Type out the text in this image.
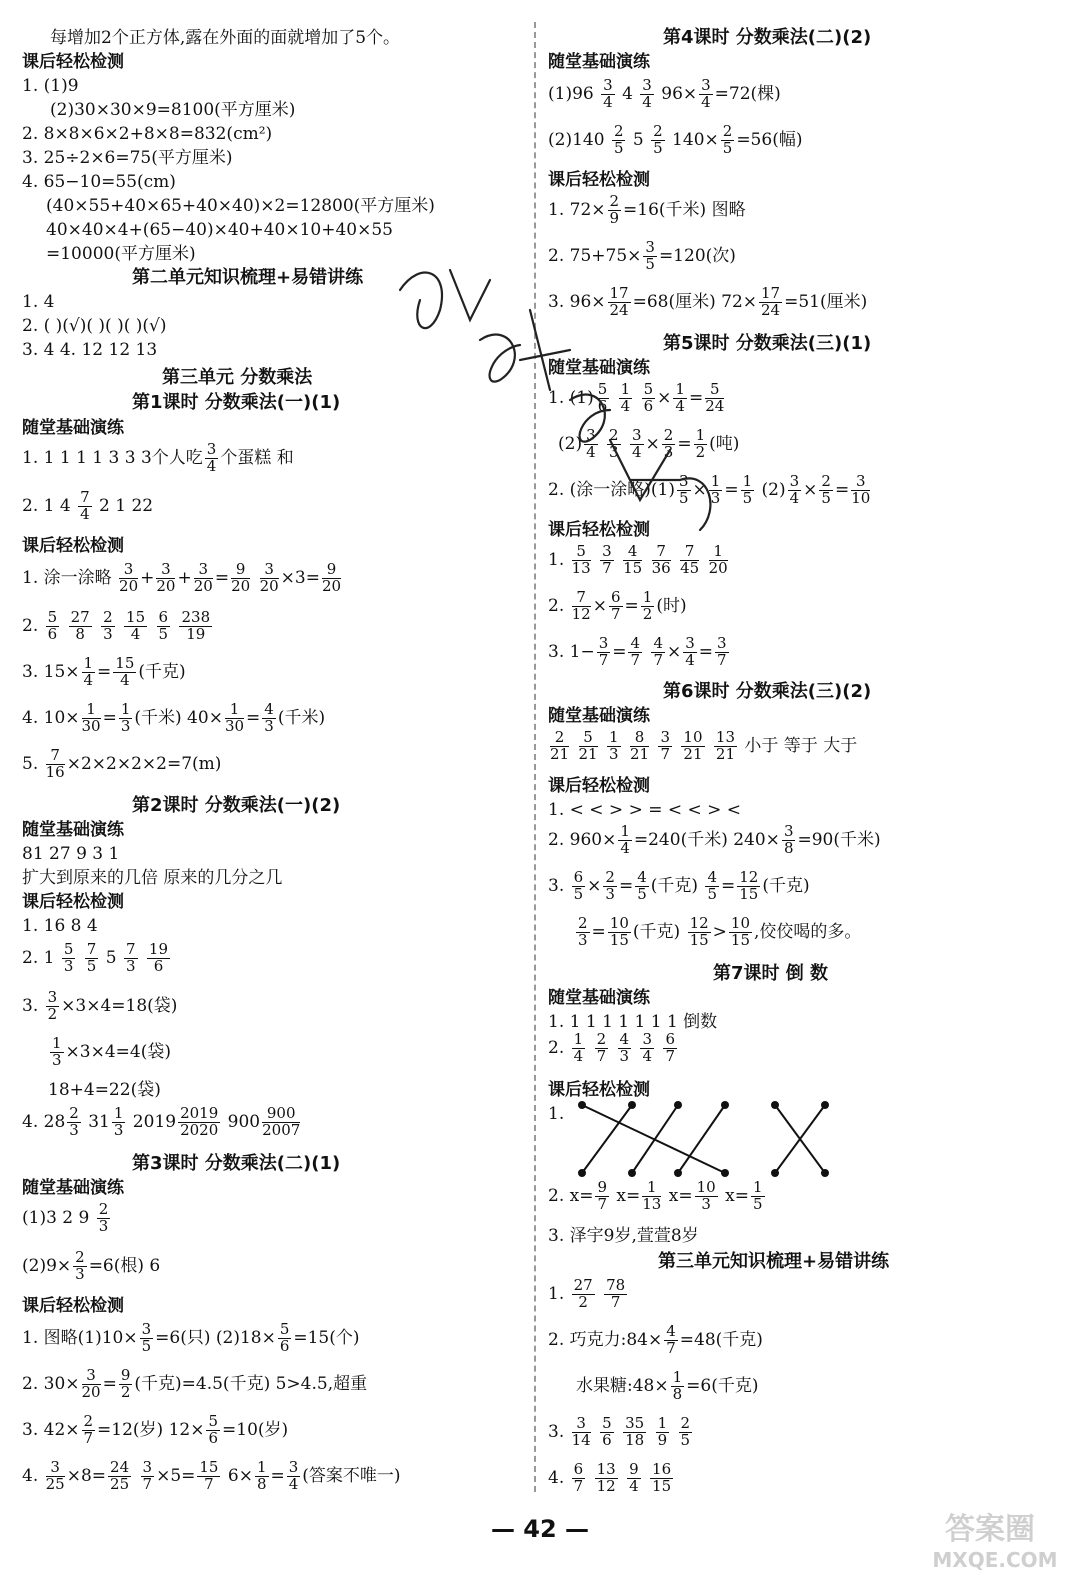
每增加2个正方体,露在外面的面就增加了5个。
课后轻松检测
1. (1)9
(2)30×30×9=8100(平方厘米)
2. 8×8×6×2+8×8=832(cm²)
3. 25÷2×6=75(平方厘米)
4. 65−10=55(cm)
(40×55+40×65+40×40)×2=12800(平方厘米)
40×40×4+(65−40)×40+40×10+40×55
=10000(平方厘米)
第二单元知识梳理+易错讲练
1. 4
2. ( )(√)( )( )( )(√)
3. 4 4. 12 12 13
第三单元 分数乘法
第1课时 分数乘法(一)(1)
随堂基础演练
1. 1 1 1 1 3 3 3个人吃 $\frac{3}{4}$ 个蛋糕 和
2. 1 $4 \frac{7}{4} 2$ 1 22
课后轻松检测
1. 涂一涂略 $\frac{3}{20} + \frac{3}{20} + \frac{3}{20} = \frac{9}{20}$
$\frac{3}{20} \times 3= \frac{9}{20}$
2. $\frac{5}{6}$
$\frac{27}{8}$
$\frac{2}{3}$
$\frac{15}{4}$
$\frac{6}{5}$
$\frac{238}{19}$
3. $15\times \frac{1}{4} = \frac{15}{4}$ (千克)
4. $10\times \frac{1}{30} = \frac{1}{3}$ (千米) $40\times \frac{1}{30} = \frac{4}{3}$ (千米)
5. $\frac{7}{16} \times 2\times 2\times 2\times 2=7(m)$
第2课时 分数乘法(一)(2)
随堂基础演练
81 27 9 3 1
扩大到原来的几倍 原来的几分之几
课后轻松检测
1. 16 8 4
2. $1 \frac{5}{3}$
$\frac{7}{5} 5 \frac{7}{3}$
$\frac{19}{6}$
3. $\frac{3}{2} \times 3\times 4=18$(袋)
$\frac{1}{3} \times 3\times 4=4$(袋)
18+4=22(袋)
4. $28 \frac{2}{3} 31 \frac{1}{3} 2019 \frac{2019}{2020} 900 \frac{900}{2007}$
第3课时 分数乘法(二)(1)
随堂基础演练
(1)3 2 $9 \frac{2}{3}$
$(2)9\times \frac{2}{3} =6$(根) 6
课后轻松检测
1. 图略$(1)10\times \frac{3}{5} =6$(只) $(2)18\times \frac{5}{6} =15$(个)
2. $30\times \frac{3}{20} = \frac{9}{2}$ (千克)=4.5(千克) 5>4.5,超重
3. $42\times \frac{2}{7} =12$(岁) $12\times \frac{5}{6} =10$(岁)
4. $\frac{3}{25} \times 8= \frac{24}{25}$
$\frac{3}{7} \times 5= \frac{15}{7} 6\times \frac{1}{8} = \frac{3}{4}$ (答案不唯一)
第4课时 分数乘法(二)(2)
随堂基础演练
$(1)96 \frac{3}{4} 4 \frac{3}{4} 96\times \frac{3}{4} =72$(棵)
$(2)140 \frac{2}{5} 5 \frac{2}{5} 140\times \frac{2}{5} =56$(幅)
课后轻松检测
1. $72\times \frac{2}{9} =16$(千米) 图略
2. $75+75\times \frac{3}{5} =120$(次)
3. $96\times \frac{17}{24} =68$(厘米) $72\times \frac{17}{24} =51$(厘米)
第5课时 分数乘法(三)(1)
随堂基础演练
1. $(1) \frac{5}{6}$
$\frac{1}{4}$
$\frac{5}{6} \times \frac{1}{4} = \frac{5}{24}$
$(2) \frac{3}{4}$
$\frac{2}{3}$
$\frac{3}{4} \times \frac{2}{3} = \frac{1}{2}$ (吨)
2. (涂一涂略)$(1) \frac{3}{5} \times \frac{1}{3} = \frac{1}{5} (2) \frac{3}{4} \times \frac{2}{5} = \frac{3}{10}$
课后轻松检测
1. $\frac{5}{13}$
$\frac{3}{7}$
$\frac{4}{15}$
$\frac{7}{36}$
$\frac{7}{45}$
$\frac{1}{20}$
2. $\frac{7}{12} \times \frac{6}{7} = \frac{1}{2}$ (时)
3. $1- \frac{3}{7} = \frac{4}{7}$
$\frac{4}{7} \times \frac{3}{4} = \frac{3}{7}$
第6课时 分数乘法(三)(2)
随堂基础演练
$\frac{2}{21}$
$\frac{5}{21}$
$\frac{1}{3}$
$\frac{8}{21}$
$\frac{3}{7}$
$\frac{10}{21}$
$\frac{13}{21}$ 小于 等于 大于
课后轻松检测
1. < < > > = < < > <
2. $960\times \frac{1}{4} =240$(千米) $240\times \frac{3}{8} =90$(千米)
3. $\frac{6}{5} \times \frac{2}{3} = \frac{4}{5}$ (千克) $\frac{4}{5} = \frac{12}{15}$ (千克)
$\frac{2}{3} = \frac{10}{15}$ (千克) $\frac{12}{15} > \frac{10}{15}$ ,佼佼喝的多。
第7课时 倒 数
随堂基础演练
1. 1 1 1 1 1 1 1 倒数
2. $\frac{1}{4}$
$\frac{2}{7}$
$\frac{4}{3}$
$\frac{3}{4}$
$\frac{6}{7}$
课后轻松检测
1.
2. $x= \frac{9}{7} x= \frac{1}{13} x= \frac{10}{3} x= \frac{1}{5}$
3. 泽宇9岁,萱萱8岁
第三单元知识梳理+易错讲练
1. $\frac{27}{2}$
$\frac{78}{7}$
2. 巧克力:84× $\frac{4}{7} =48$(千克)
水果糖:48× $\frac{1}{8} =6$(千克)
3. $\frac{3}{14}$
$\frac{5}{6}$
$\frac{35}{18}$
$\frac{1}{9}$
$\frac{2}{5}$
4. $\frac{6}{7}$
$\frac{13}{12}$
$\frac{9}{4}$
$\frac{16}{15}$
— 42 —	答案圈
MXQE.COM
